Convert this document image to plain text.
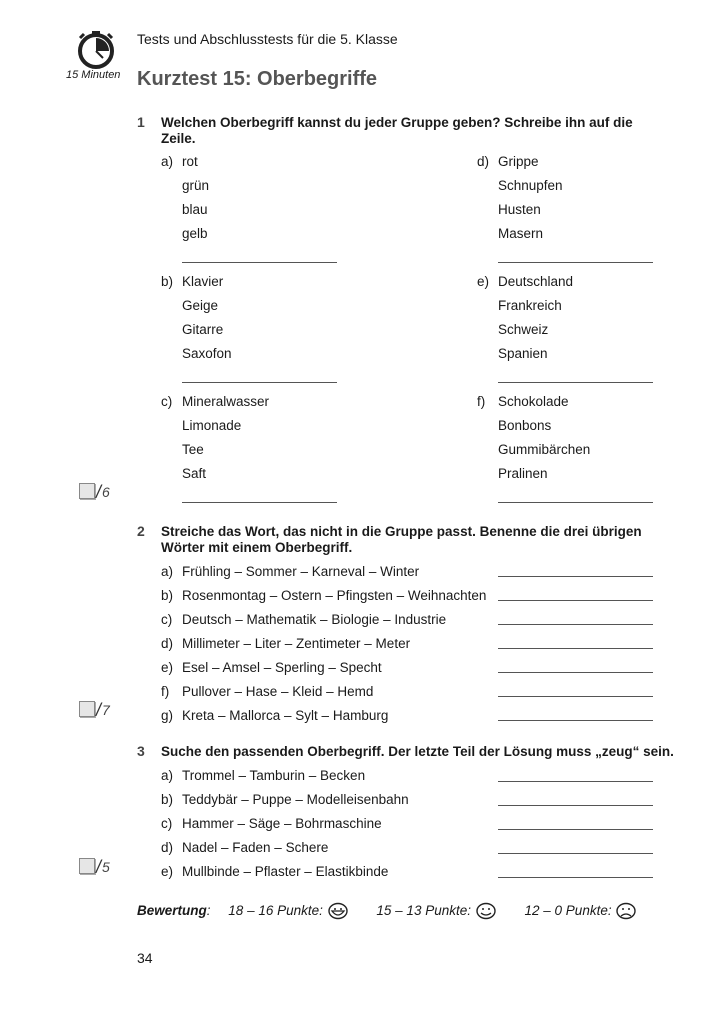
15 Minuten
Tests und Abschlusstests für die 5. Klasse
Kurztest 15: Oberbegriffe
1 Welchen Oberbegriff kannst du jeder Gruppe geben? Schreibe ihn auf die Zeile.
a) rot
grün
blau
gelb
d) Grippe
Schnupfen
Husten
Masern
b) Klavier
Geige
Gitarre
Saxofon
e) Deutschland
Frankreich
Schweiz
Spanien
c) Mineralwasser
Limonade
Tee
Saft
f) Schokolade
Bonbons
Gummibärchen
Pralinen
/6
2 Streiche das Wort, das nicht in die Gruppe passt. Benenne die drei übrigen Wörter mit einem Oberbegriff.
a) Frühling – Sommer – Karneval – Winter
b) Rosenmontag – Ostern – Pfingsten – Weihnachten
c) Deutsch – Mathematik – Biologie – Industrie
d) Millimeter – Liter – Zentimeter – Meter
e) Esel – Amsel – Sperling – Specht
f) Pullover – Hase – Kleid – Hemd
g) Kreta – Mallorca – Sylt – Hamburg
/7
3 Suche den passenden Oberbegriff. Der letzte Teil der Lösung muss „zeug“ sein.
a) Trommel – Tamburin – Becken
b) Teddybär – Puppe – Modelleisenbahn
c) Hammer – Säge – Bohrmaschine
d) Nadel – Faden – Schere
e) Mullbinde – Pflaster – Elastikbinde
/5
Bewertung: 18 – 16 Punkte:	15 – 13 Punkte:	12 – 0 Punkte:
34
